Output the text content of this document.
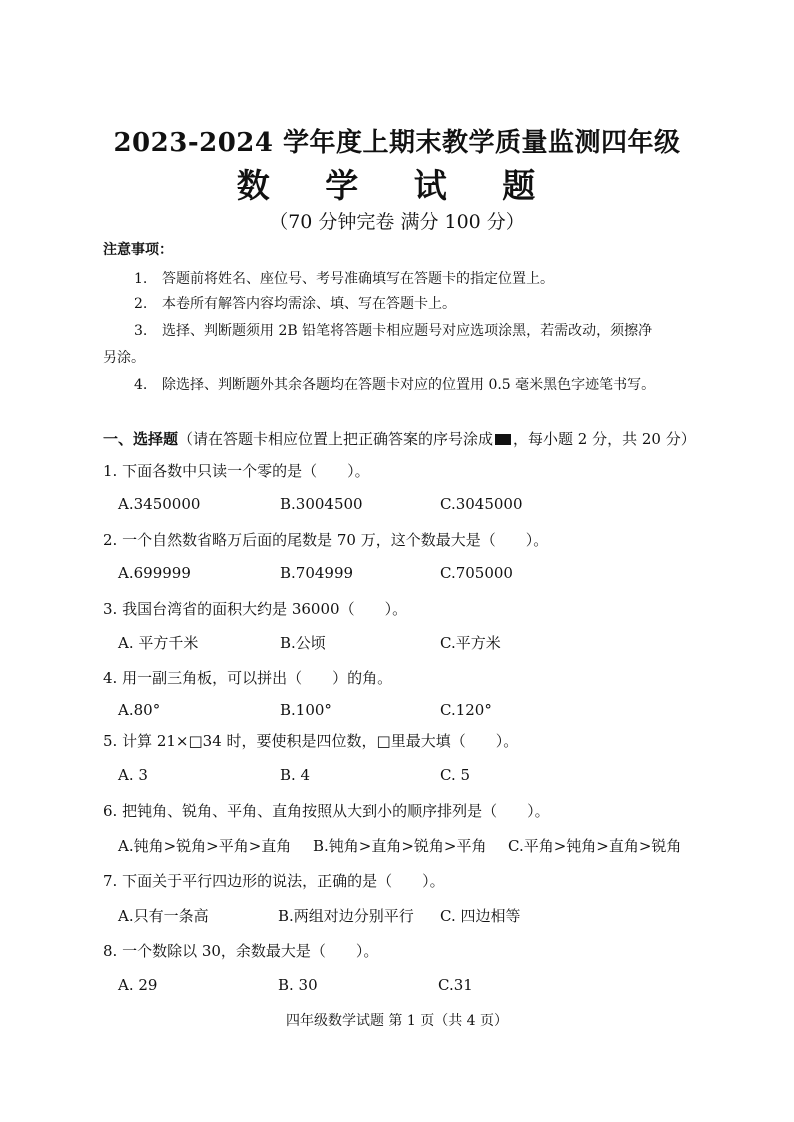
2023-2024 学年度上期末教学质量监测四年级
数 学 试 题
（70 分钟完卷 满分 100 分）
注意事项：
1. 答题前将姓名、座位号、考号准确填写在答题卡的指定位置上。
2. 本卷所有解答内容均需涂、填、写在答题卡上。
3. 选择、判断题须用 2B 铅笔将答题卡相应题号对应选项涂黑，若需改动，须擦净
另涂。
4. 除选择、判断题外其余各题均在答题卡对应的位置用 0.5 毫米黑色字迹笔书写。
一、选择题（请在答题卡相应位置上把正确答案的序号涂成 ，每小题 2 分，共 20 分）
1. 下面各数中只读一个零的是（　　）。
A.3450000	B.3004500	C.3045000
2. 一个自然数省略万后面的尾数是 70 万，这个数最大是（　　）。
A.699999	B.704999	C.705000
3. 我国台湾省的面积大约是 36000（　　）。
A. 平方千米	B.公顷	C.平方米
4. 用一副三角板，可以拼出（　　）的角。
A.80°	B.100°	C.120°
5. 计算 21×□34 时，要使积是四位数，□里最大填（　　）。
A. 3	B. 4	C. 5
6. 把钝角、锐角、平角、直角按照从大到小的顺序排列是（　　）。
A.钝角>锐角>平角>直角 B.钝角>直角>锐角>平角 C.平角>钝角>直角>锐角
7. 下面关于平行四边形的说法，正确的是（　　）。
A.只有一条高	B.两组对边分别平行 C. 四边相等
8. 一个数除以 30，余数最大是（　　）。
A. 29	B. 30	C.31
四年级数学试题 第 1 页（共 4 页）
